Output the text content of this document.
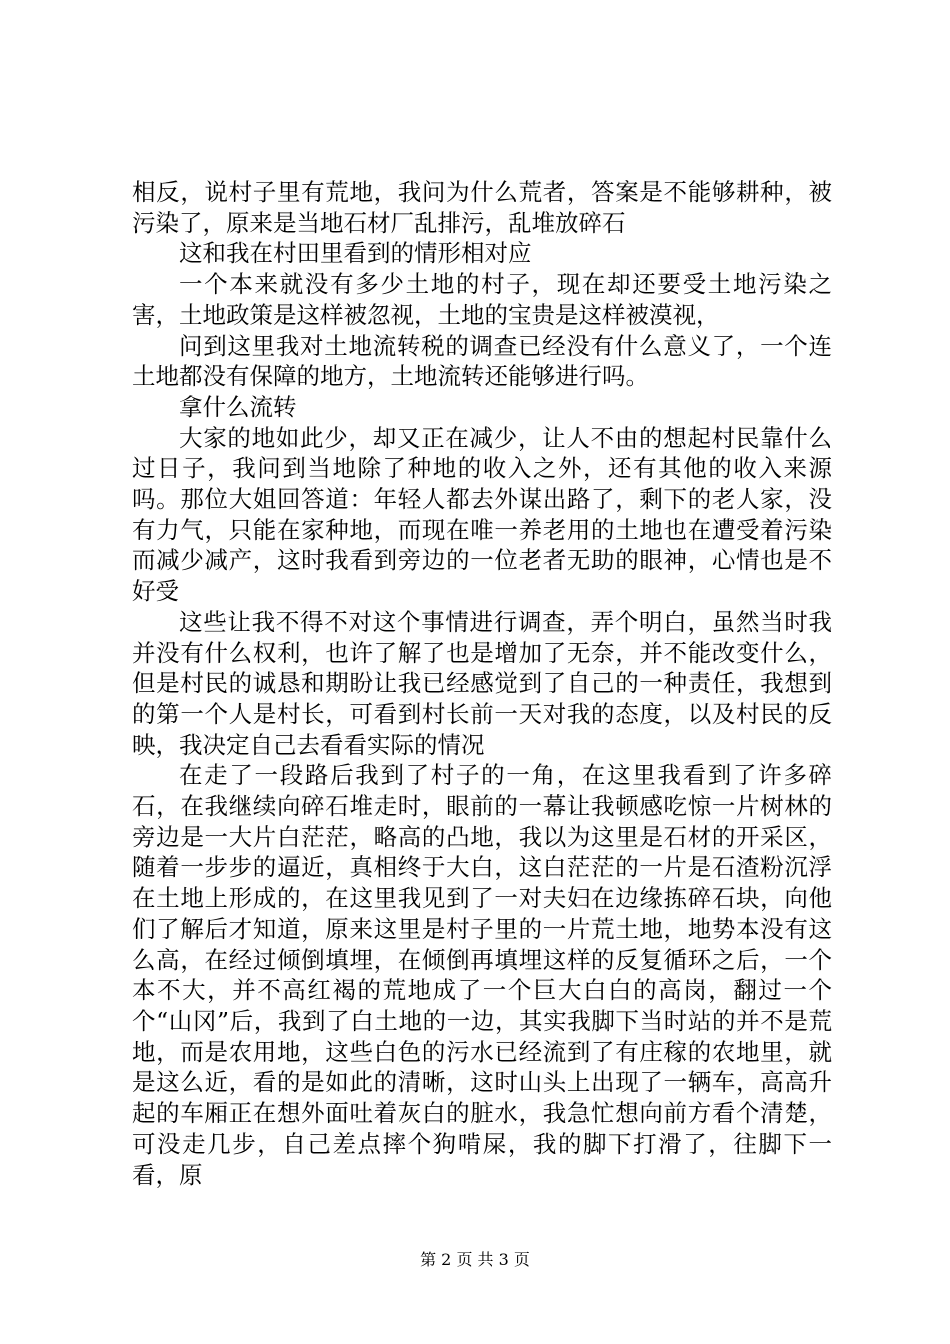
相反，说村子里有荒地，我问为什么荒者，答案是不能够耕种，被污染了，原来是当地石材厂乱排污，乱堆放碎石

这和我在村田里看到的情形相对应

一个本来就没有多少土地的村子，现在却还要受土地污染之害，土地政策是这样被忽视，土地的宝贵是这样被漠视，

问到这里我对土地流转税的调查已经没有什么意义了，一个连土地都没有保障的地方，土地流转还能够进行吗。

拿什么流转

大家的地如此少，却又正在减少，让人不由的想起村民靠什么过日子，我问到当地除了种地的收入之外，还有其他的收入来源吗。那位大姐回答道：年轻人都去外谋出路了，剩下的老人家，没有力气，只能在家种地，而现在唯一养老用的土地也在遭受着污染而减少减产，这时我看到旁边的一位老者无助的眼神，心情也是不好受

这些让我不得不对这个事情进行调查，弄个明白，虽然当时我并没有什么权利，也许了解了也是增加了无奈，并不能改变什么，但是村民的诚恳和期盼让我已经感觉到了自己的一种责任，我想到的第一个人是村长，可看到村长前一天对我的态度，以及村民的反映，我决定自己去看看实际的情况

在走了一段路后我到了村子的一角，在这里我看到了许多碎石，在我继续向碎石堆走时，眼前的一幕让我顿感吃惊一片树林的旁边是一大片白茫茫，略高的凸地，我以为这里是石材的开采区，随着一步步的逼近，真相终于大白，这白茫茫的一片是石渣粉沉浮在土地上形成的，在这里我见到了一对夫妇在边缘拣碎石块，向他们了解后才知道，原来这里是村子里的一片荒土地，地势本没有这么高，在经过倾倒填埋，在倾倒再填埋这样的反复循环之后，一个本不大，并不高红褐的荒地成了一个巨大白白的高岗，翻过一个个“山冈”后，我到了白土地的一边，其实我脚下当时站的并不是荒地，而是农用地，这些白色的污水已经流到了有庄稼的农地里，就是这么近，看的是如此的清晰，这时山头上出现了一辆车，高高升起的车厢正在想外面吐着灰白的脏水，我急忙想向前方看个清楚，可没走几步，自己差点摔个狗啃屎，我的脚下打滑了，往脚下一看，原

第 2 页 共 3 页
